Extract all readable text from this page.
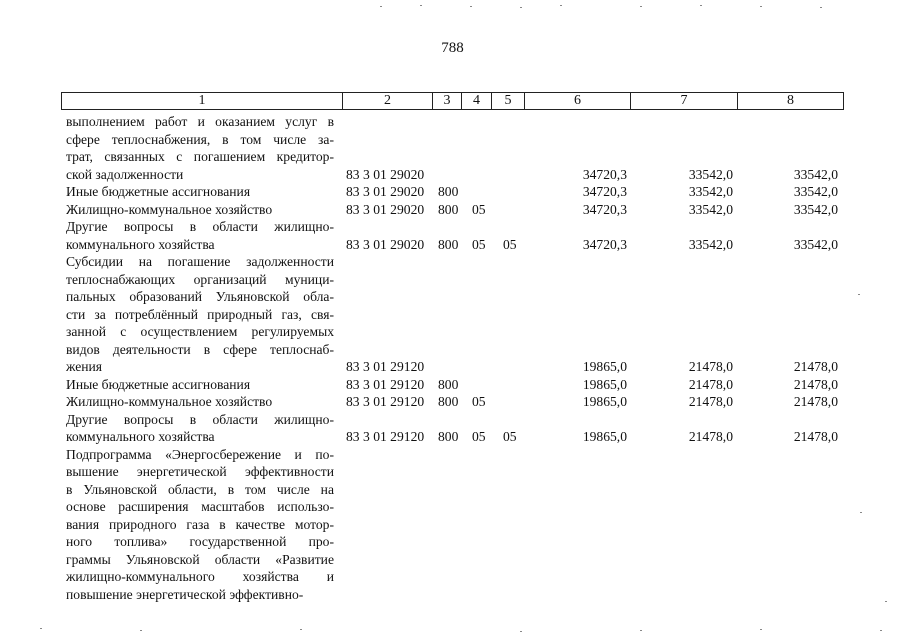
788
1	2	3	4	5	6	7	8
выполнением работ и оказанием услуг в
сфере теплоснабжения, в том числе за-
трат, связанных с погашением кредитор-
ской задолженности	83 3 01 29020	34720,3	33542,0	33542,0
Иные бюджетные ассигнования	83 3 01 29020 800	34720,3	33542,0	33542,0
Жилищно-коммунальное хозяйство	83 3 01 29020 800 05	34720,3	33542,0	33542,0
Другие вопросы в области жилищно-
коммунального хозяйства	83 3 01 29020 800 05 05	34720,3	33542,0	33542,0
Субсидии на погашение задолженности
теплоснабжающих организаций муници-
пальных образований Ульяновской обла-
сти за потреблённый природный газ, свя-
занной с осуществлением регулируемых
видов деятельности в сфере теплоснаб-
жения	83 3 01 29120	19865,0	21478,0	21478,0
Иные бюджетные ассигнования	83 3 01 29120 800	19865,0	21478,0	21478,0
Жилищно-коммунальное хозяйство	83 3 01 29120 800 05	19865,0	21478,0	21478,0
Другие вопросы в области жилищно-
коммунального хозяйства	83 3 01 29120 800 05 05	19865,0	21478,0	21478,0
Подпрограмма «Энергосбережение и по-
вышение энергетической эффективности
в Ульяновской области, в том числе на
основе расширения масштабов использо-
вания природного газа в качестве мотор-
ного топлива» государственной про-
граммы Ульяновской области «Развитие
жилищно-коммунального хозяйства и
повышение энергетической эффективно-
